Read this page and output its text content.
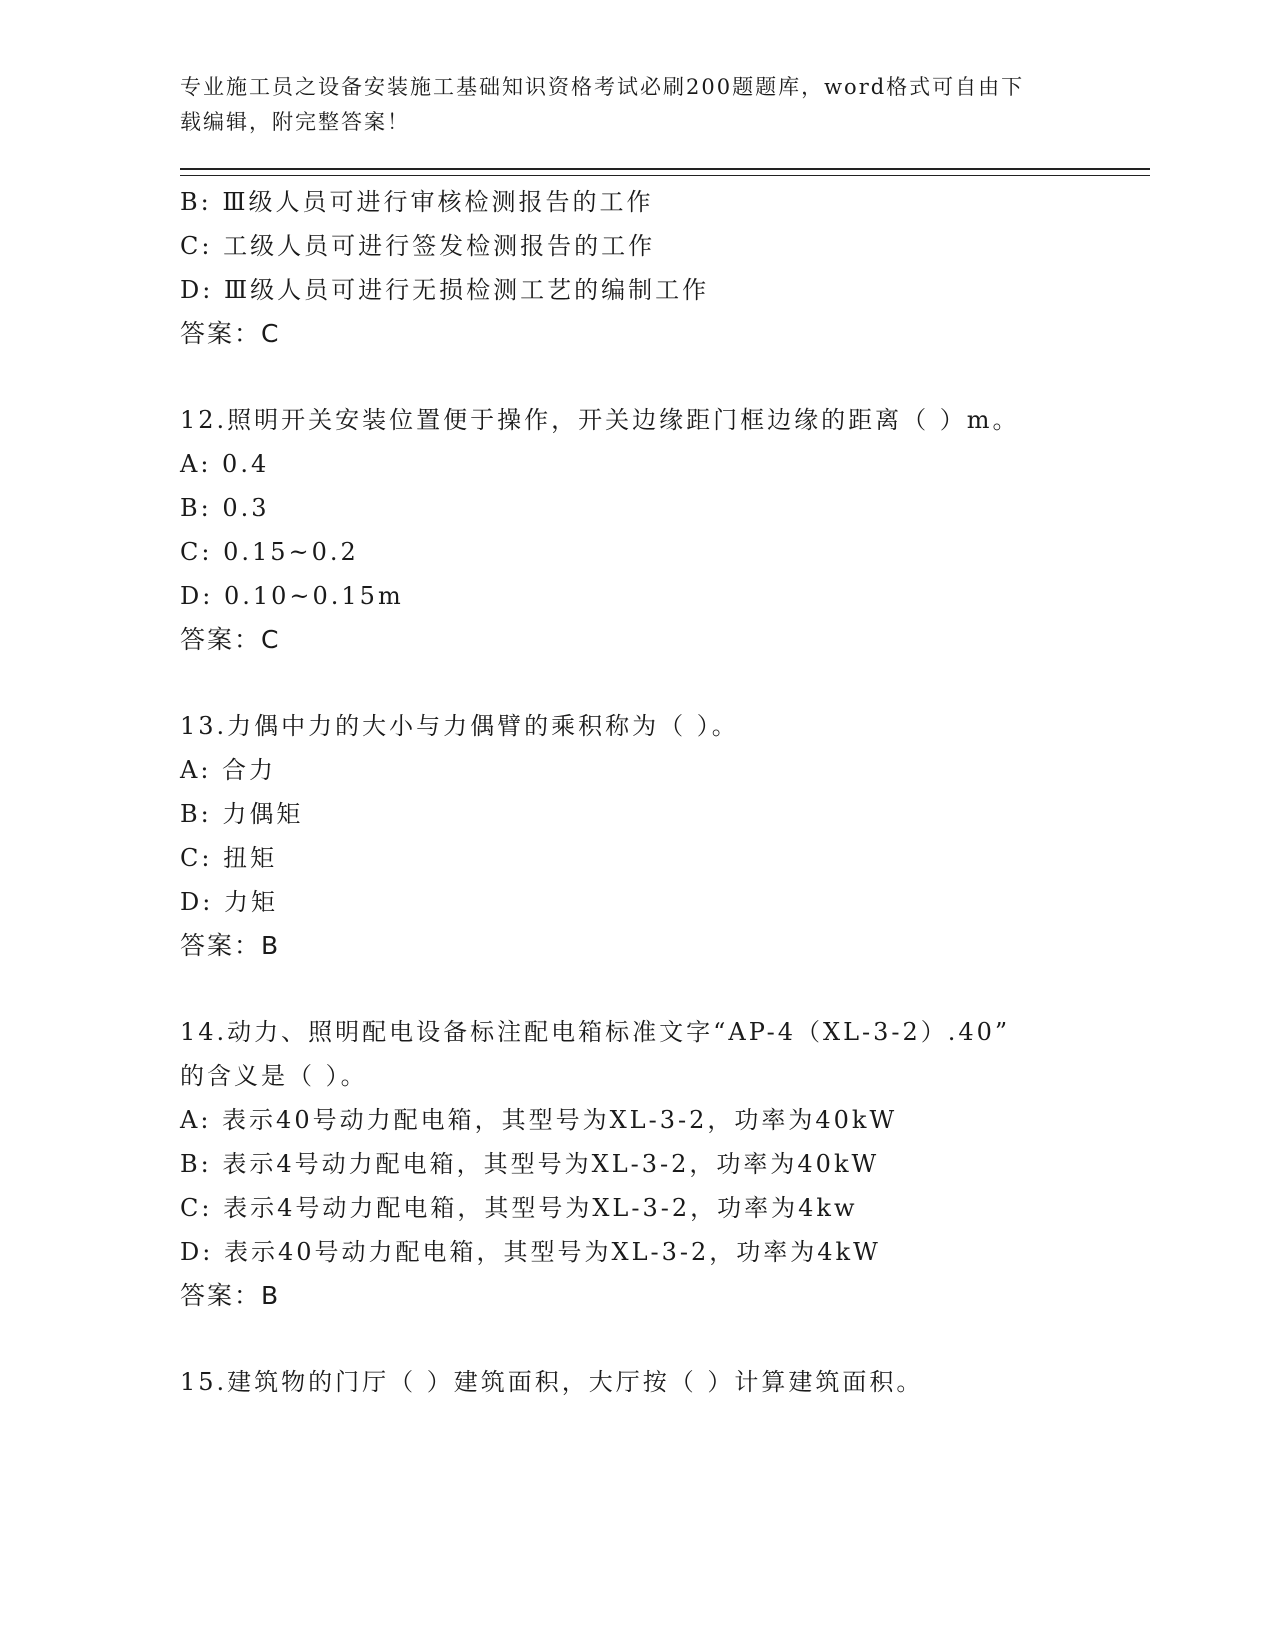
专业施工员之设备安装施工基础知识资格考试必刷200题题库，word格式可自由下载编辑，附完整答案！
B: Ⅲ级人员可进行审核检测报告的工作
C: 工级人员可进行签发检测报告的工作
D: Ⅲ级人员可进行无损检测工艺的编制工作
答案：C
12.照明开关安装位置便于操作，开关边缘距门框边缘的距离（ ）m。
A: 0.4
B: 0.3
C: 0.15~0.2
D: 0.10~0.15m
答案：C
13.力偶中力的大小与力偶臂的乘积称为（ ）。
A: 合力
B: 力偶矩
C: 扭矩
D: 力矩
答案：B
14.动力、照明配电设备标注配电箱标准文字“AP-4（XL-3-2）.40”
的含义是（ ）。
A: 表示40号动力配电箱，其型号为XL-3-2，功率为40kW
B: 表示4号动力配电箱，其型号为XL-3-2，功率为40kW
C: 表示4号动力配电箱，其型号为XL-3-2，功率为4kw
D: 表示40号动力配电箱，其型号为XL-3-2，功率为4kW
答案：B
15.建筑物的门厅（ ）建筑面积，大厅按（ ）计算建筑面积。
